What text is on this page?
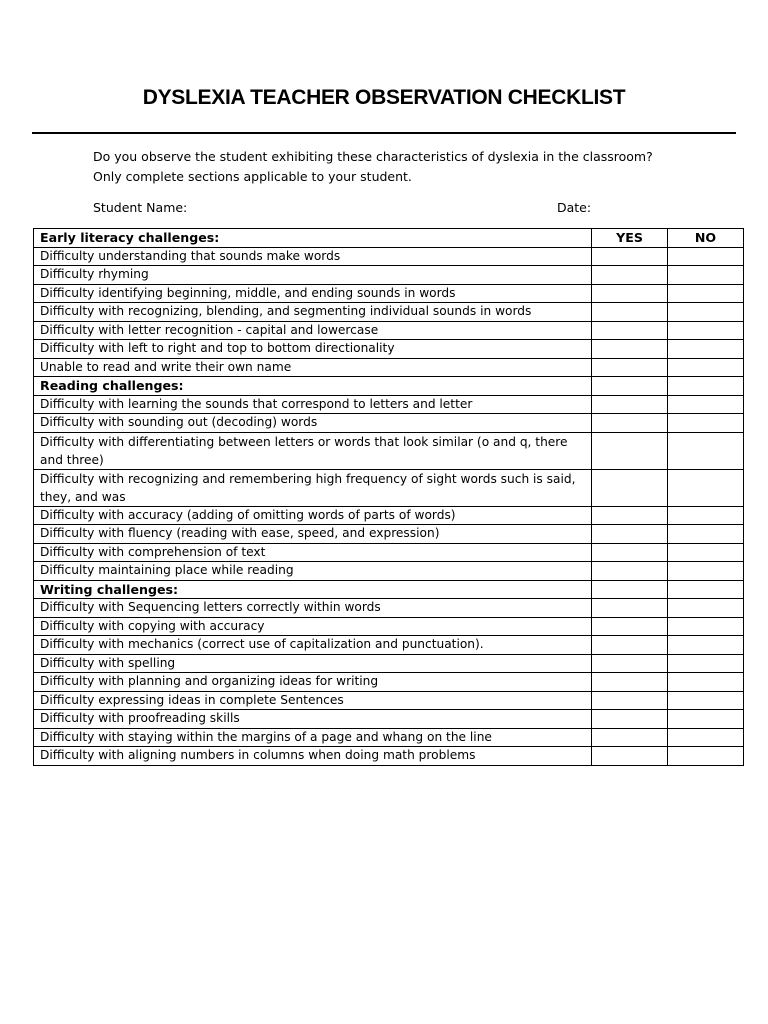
DYSLEXIA TEACHER OBSERVATION CHECKLIST
Do you observe the student exhibiting these characteristics of dyslexia in the classroom?
Only complete sections applicable to your student.
Student Name:	Date:
Early literacy challenges:	YES	NO
Difficulty understanding that sounds make words		
Difficulty rhyming		
Difficulty identifying beginning, middle, and ending sounds in words		
Difficulty with recognizing, blending, and segmenting individual sounds in words		
Difficulty with letter recognition - capital and lowercase		
Difficulty with left to right and top to bottom directionality		
Unable to read and write their own name		
Reading challenges:		
Difficulty with learning the sounds that correspond to letters and letter		
Difficulty with sounding out (decoding) words		
Difficulty with differentiating between letters or words that look similar (o and q, there and three)		
Difficulty with recognizing and remembering high frequency of sight words such is said, they, and was		
Difficulty with accuracy (adding of omitting words of parts of words)		
Difficulty with fluency (reading with ease, speed, and expression)		
Difficulty with comprehension of text		
Difficulty maintaining place while reading		
Writing challenges:		
Difficulty with Sequencing letters correctly within words		
Difficulty with copying with accuracy		
Difficulty with mechanics (correct use of capitalization and punctuation).		
Difficulty with spelling		
Difficulty with planning and organizing ideas for writing		
Difficulty expressing ideas in complete Sentences		
Difficulty with proofreading skills		
Difficulty with staying within the margins of a page and whang on the line		
Difficulty with aligning numbers in columns when doing math problems		
